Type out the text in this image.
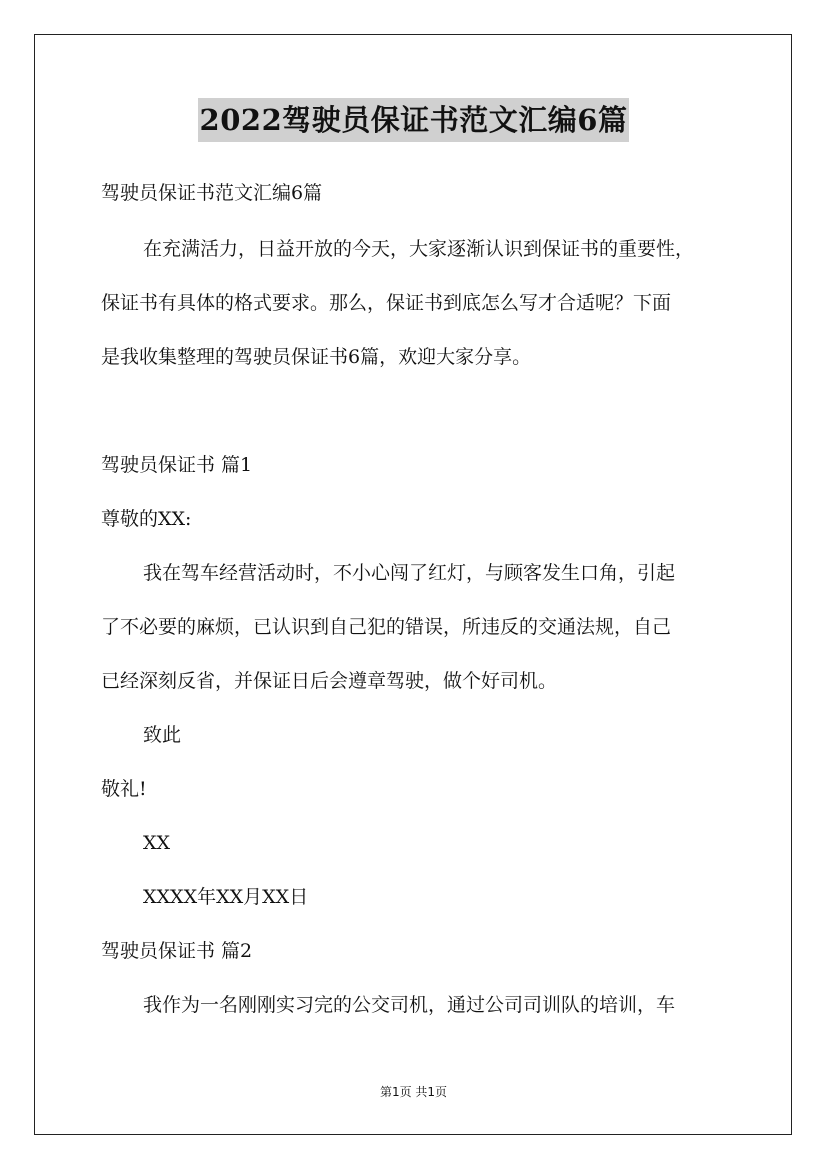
2022驾驶员保证书范文汇编6篇
驾驶员保证书范文汇编6篇
在充满活力，日益开放的今天，大家逐渐认识到保证书的重要性，
保证书有具体的格式要求。那么，保证书到底怎么写才合适呢？下面
是我收集整理的驾驶员保证书6篇，欢迎大家分享。
驾驶员保证书 篇1
尊敬的XX:
我在驾车经营活动时，不小心闯了红灯，与顾客发生口角，引起
了不必要的麻烦，已认识到自己犯的错误，所违反的交通法规，自己
已经深刻反省，并保证日后会遵章驾驶，做个好司机。
致此
敬礼!
XX
XXXX年XX月XX日
驾驶员保证书 篇2
我作为一名刚刚实习完的公交司机，通过公司司训队的培训，车
第1页 共1页
